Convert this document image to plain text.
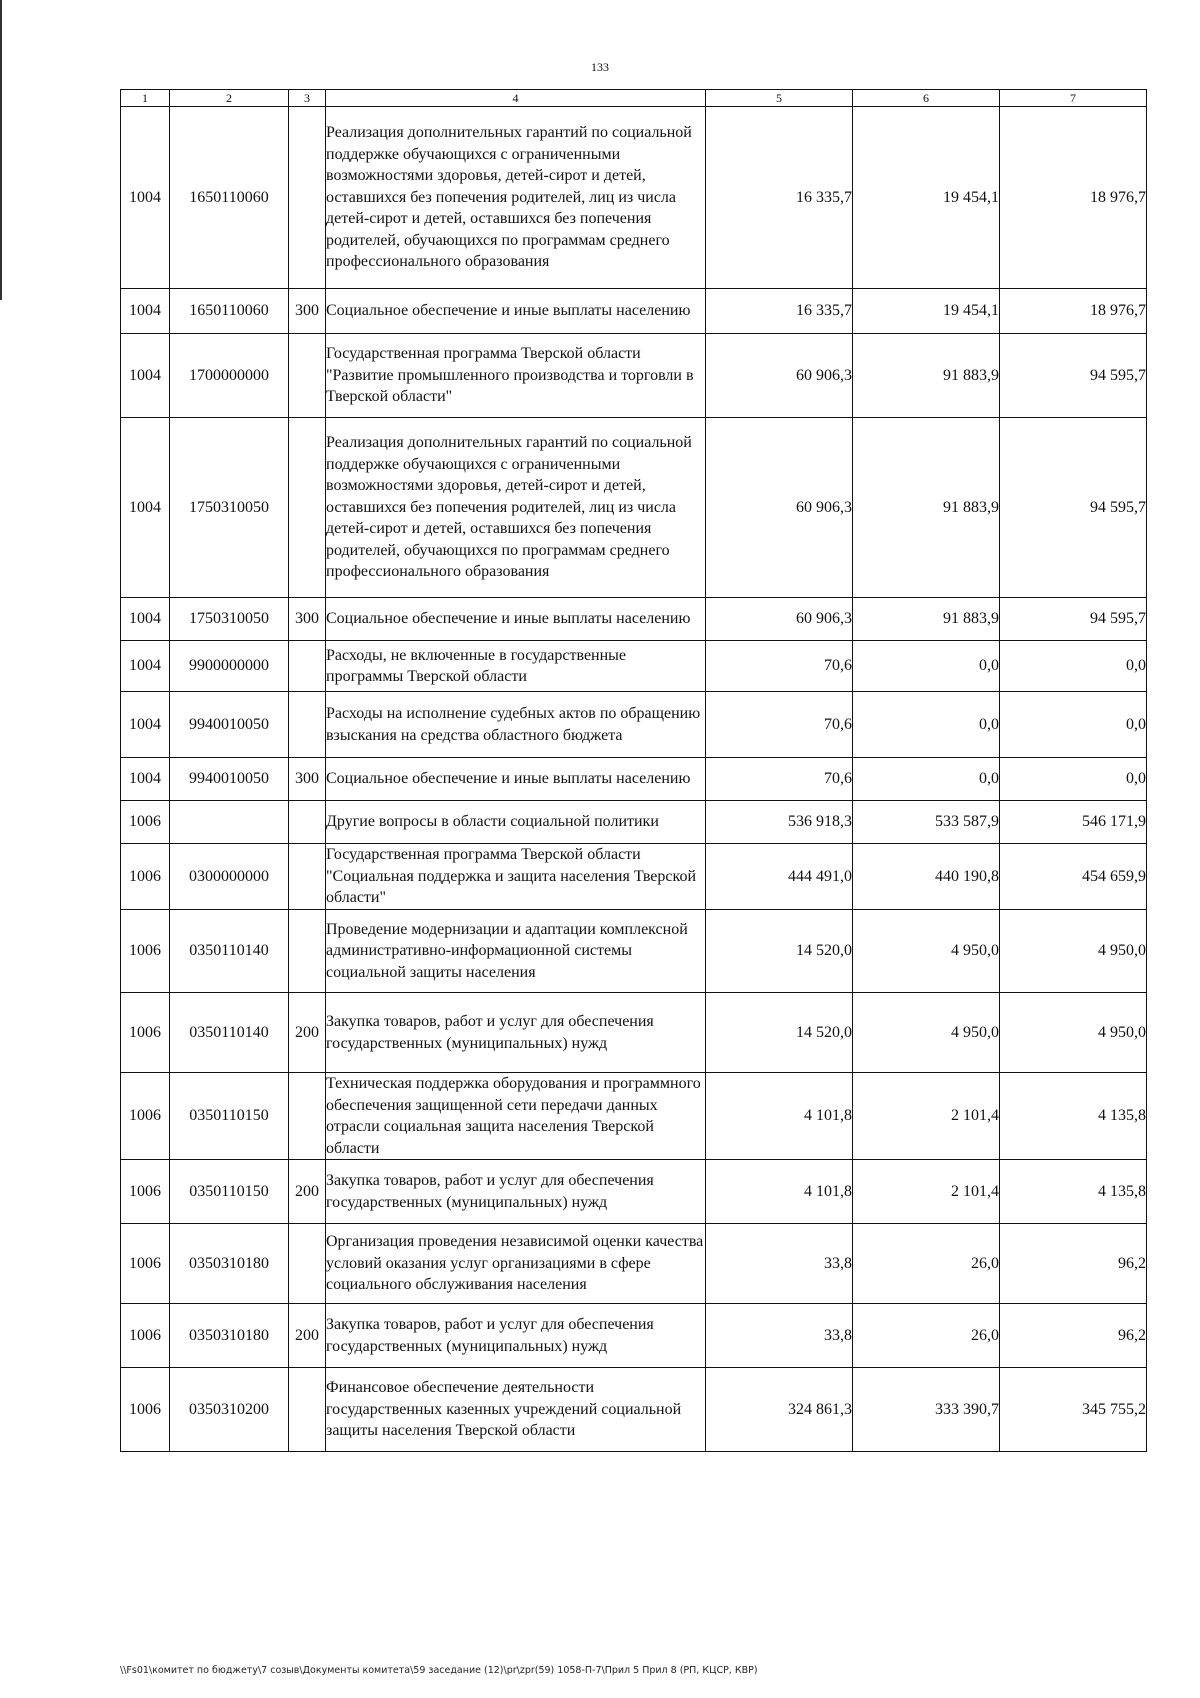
133
1	2	3	4	5	6	7
1004	1650110060		Реализация дополнительных гарантий по социальной поддержке обучающихся с ограниченными возможностями здоровья, детей-сирот и детей, оставшихся без попечения родителей, лиц из числа детей-сирот и детей, оставшихся без попечения родителей, обучающихся по программам среднего профессионального образования	16 335,7	19 454,1	18 976,7
1004	1650110060	300	Социальное обеспечение и иные выплаты населению	16 335,7	19 454,1	18 976,7
1004	1700000000		Государственная программа Тверской области "Развитие промышленного производства и торговли в Тверской области"	60 906,3	91 883,9	94 595,7
1004	1750310050		Реализация дополнительных гарантий по социальной поддержке обучающихся с ограниченными возможностями здоровья, детей-сирот и детей, оставшихся без попечения родителей, лиц из числа детей-сирот и детей, оставшихся без попечения родителей, обучающихся по программам среднего профессионального образования	60 906,3	91 883,9	94 595,7
1004	1750310050	300	Социальное обеспечение и иные выплаты населению	60 906,3	91 883,9	94 595,7
1004	9900000000		Расходы, не включенные в государственные программы Тверской области	70,6	0,0	0,0
1004	9940010050		Расходы на исполнение судебных актов по обращению взыскания на средства областного бюджета	70,6	0,0	0,0
1004	9940010050	300	Социальное обеспечение и иные выплаты населению	70,6	0,0	0,0
1006			Другие вопросы в области социальной политики	536 918,3	533 587,9	546 171,9
1006	0300000000		Государственная программа Тверской области "Социальная поддержка и защита населения Тверской области"	444 491,0	440 190,8	454 659,9
1006	0350110140		Проведение модернизации и адаптации комплексной административно-информационной системы социальной защиты населения	14 520,0	4 950,0	4 950,0
1006	0350110140	200	Закупка товаров, работ и услуг для обеспечения государственных (муниципальных) нужд	14 520,0	4 950,0	4 950,0
1006	0350110150		Техническая поддержка оборудования и программного обеспечения защищенной сети передачи данных отрасли социальная защита населения Тверской области	4 101,8	2 101,4	4 135,8
1006	0350110150	200	Закупка товаров, работ и услуг для обеспечения государственных (муниципальных) нужд	4 101,8	2 101,4	4 135,8
1006	0350310180		Организация проведения независимой оценки качества условий оказания услуг организациями в сфере социального обслуживания населения	33,8	26,0	96,2
1006	0350310180	200	Закупка товаров, работ и услуг для обеспечения государственных (муниципальных) нужд	33,8	26,0	96,2
1006	0350310200		Финансовое обеспечение деятельности государственных казенных учреждений социальной защиты населения Тверской области	324 861,3	333 390,7	345 755,2
\\Fs01\комитет по бюджету\7 созыв\Документы комитета\59 заседание (12)\pr\zpr(59) 1058-П-7\Прил 5 Прил 8 (РП, КЦСР, КВР)
